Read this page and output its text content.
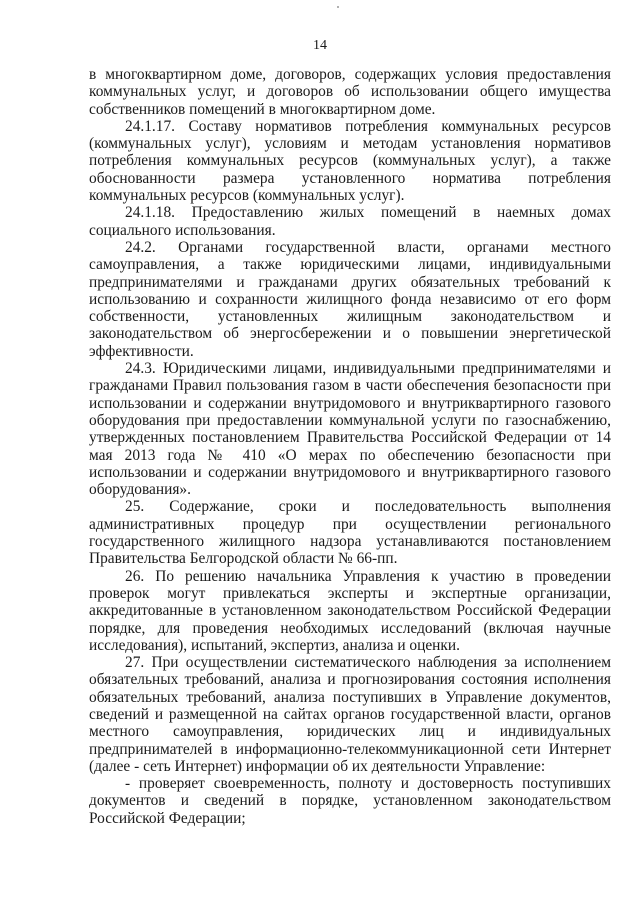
14

в многоквартирном доме, договоров, содержащих условия предоставления коммунальных услуг, и договоров об использовании общего имущества собственников помещений в многоквартирном доме.

24.1.17. Составу нормативов потребления коммунальных ресурсов (коммунальных услуг), условиям и методам установления нормативов потребления коммунальных ресурсов (коммунальных услуг), а также обоснованности размера установленного норматива потребления коммунальных ресурсов (коммунальных услуг).

24.1.18. Предоставлению жилых помещений в наемных домах социального использования.

24.2. Органами государственной власти, органами местного самоуправления, а также юридическими лицами, индивидуальными предпринимателями и гражданами других обязательных требований к использованию и сохранности жилищного фонда независимо от его форм собственности, установленных жилищным законодательством и законодательством об энергосбережении и о повышении энергетической эффективности.

24.3. Юридическими лицами, индивидуальными предпринимателями и гражданами Правил пользования газом в части обеспечения безопасности при использовании и содержании внутридомового и внутриквартирного газового оборудования при предоставлении коммунальной услуги по газоснабжению, утвержденных постановлением Правительства Российской Федерации от 14 мая 2013 года № 410 «О мерах по обеспечению безопасности при использовании и содержании внутридомового и внутриквартирного газового оборудования».

25. Содержание, сроки и последовательность выполнения административных процедур при осуществлении регионального государственного жилищного надзора устанавливаются постановлением Правительства Белгородской области № 66-пп.

26. По решению начальника Управления к участию в проведении проверок могут привлекаться эксперты и экспертные организации, аккредитованные в установленном законодательством Российской Федерации порядке, для проведения необходимых исследований (включая научные исследования), испытаний, экспертиз, анализа и оценки.

27. При осуществлении систематического наблюдения за исполнением обязательных требований, анализа и прогнозирования состояния исполнения обязательных требований, анализа поступивших в Управление документов, сведений и размещенной на сайтах органов государственной власти, органов местного самоуправления, юридических лиц и индивидуальных предпринимателей в информационно-телекоммуникационной сети Интернет (далее - сеть Интернет) информации об их деятельности Управление:

- проверяет своевременность, полноту и достоверность поступивших документов и сведений в порядке, установленном законодательством Российской Федерации;
